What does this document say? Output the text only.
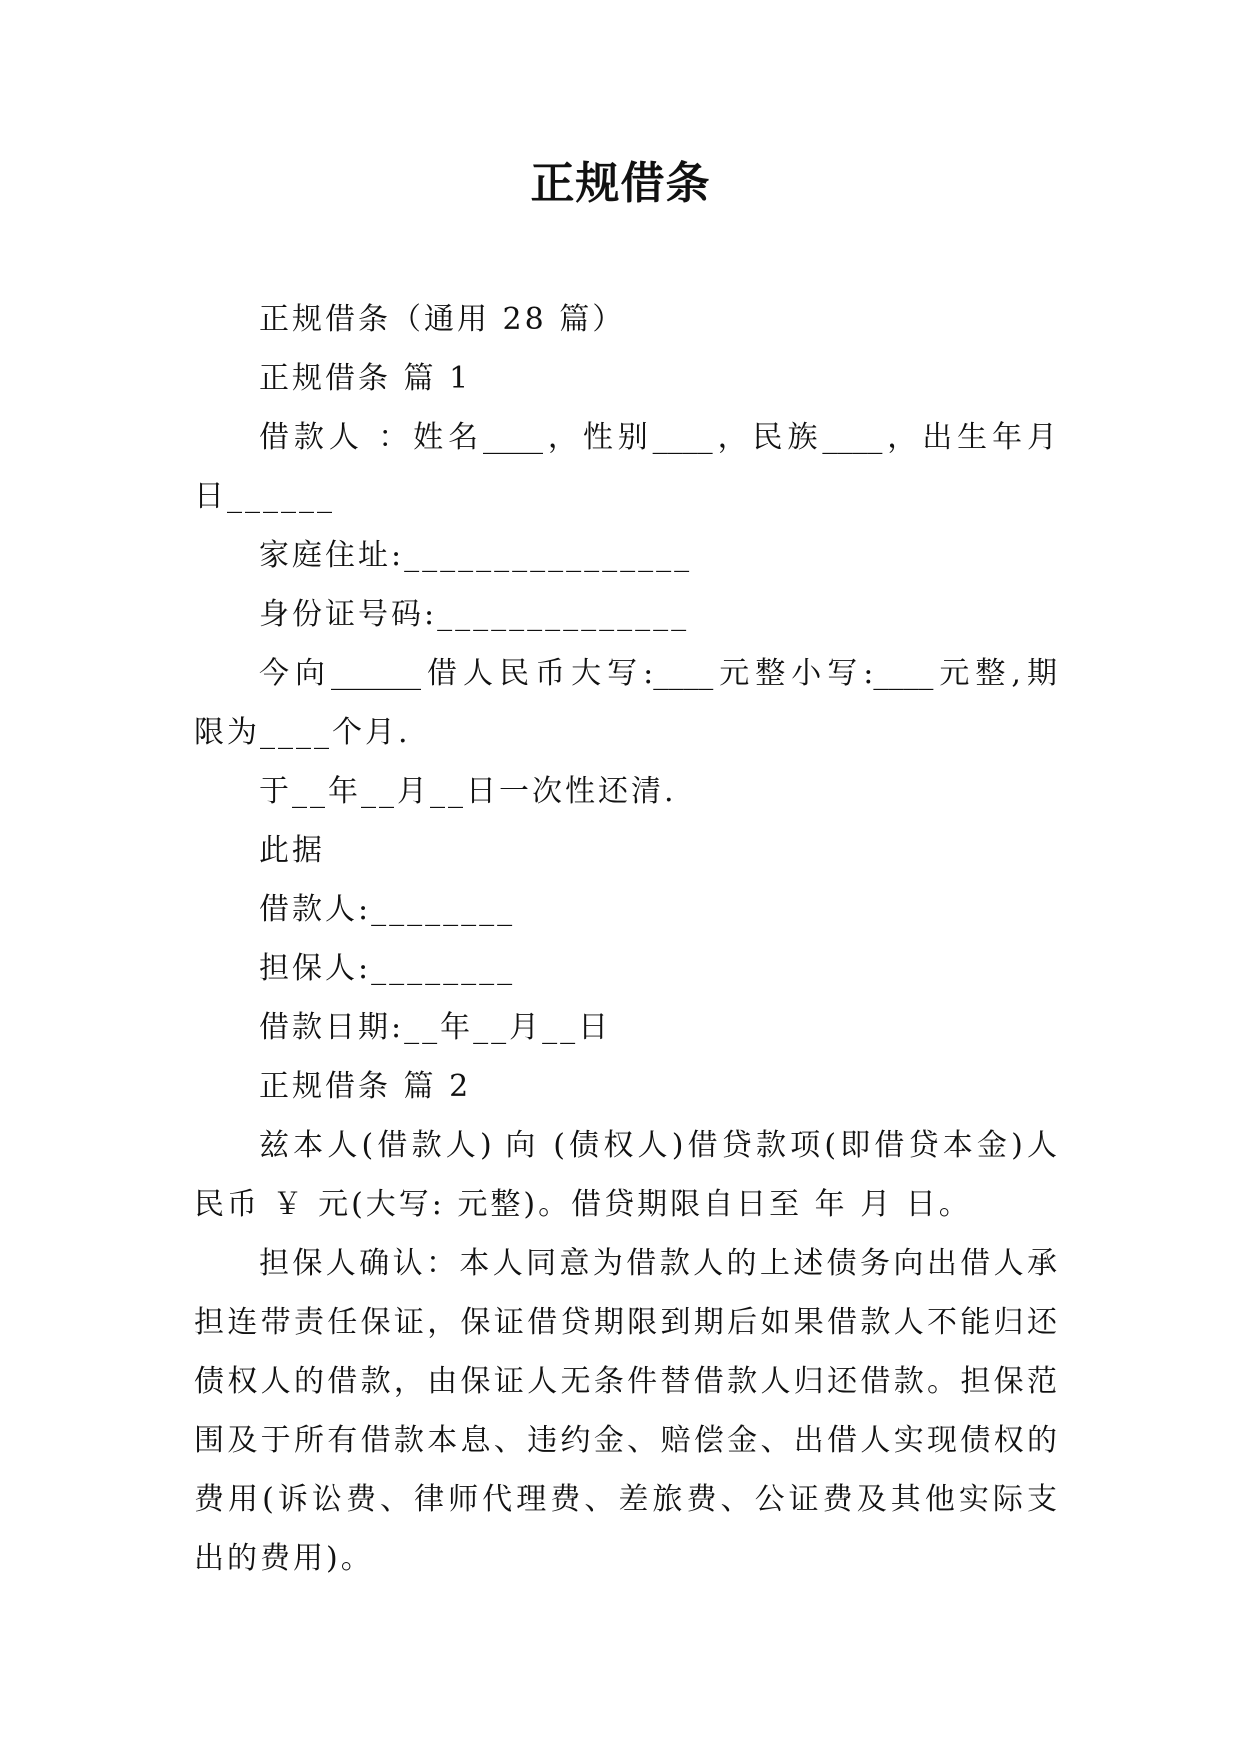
正规借条
正规借条（通用 28 篇）
正规借条 篇 1
借款人 ：姓名____，性别____，民族____，出生年月
日______
家庭住址:________________
身份证号码:______________
今向______借人民币大写:____元整小写:____元整,期
限为____个月.
于__年__月__日一次性还清.
此据
借款人:________
担保人:________
借款日期:__年__月__日
正规借条 篇 2
兹本人(借款人) 向 (债权人)借贷款项(即借贷本金)人
民币 ￥ 元(大写: 元整)。借贷期限自日至 年 月 日。
担保人确认：本人同意为借款人的上述债务向出借人承
担连带责任保证，保证借贷期限到期后如果借款人不能归还
债权人的借款，由保证人无条件替借款人归还借款。担保范
围及于所有借款本息、违约金、赔偿金、出借人实现债权的
费用(诉讼费、律师代理费、差旅费、公证费及其他实际支
出的费用)。
